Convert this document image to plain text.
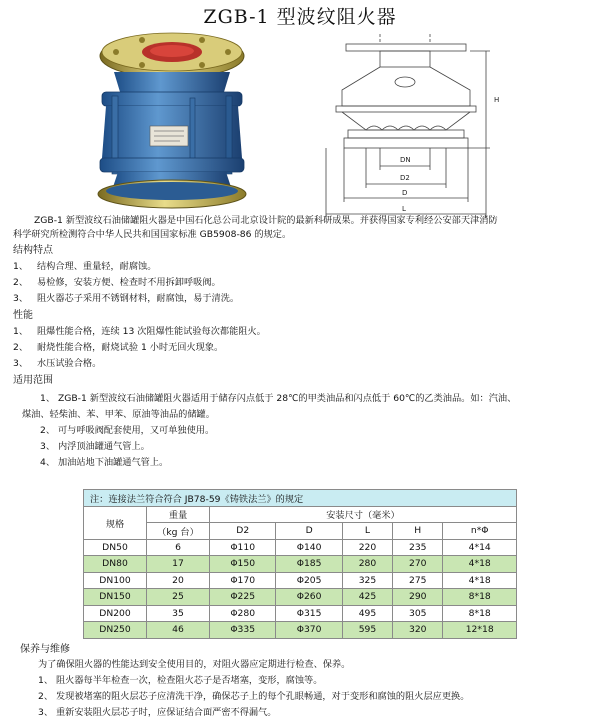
ZGB-1 型波纹阻火器
DN
D2
D
L
H
ZGB-1 新型波纹石油储罐阻火器是中国石化总公司北京设计院的最新科研成果。并获得国家专利经公安部天津消防
科学研究所检测符合中华人民共和国国家标准 GB5908-86 的规定。
结构特点
1、 结构合理、重量轻，耐腐蚀。
2、 易检修，安装方便、检查时不用拆卸呼吸阀。
3、 阻火器芯子采用不锈钢材料，耐腐蚀，易于清洗。
性能
1、 阻爆性能合格，连续 13 次阻爆性能试验每次都能阻火。
2、 耐烧性能合格，耐烧试验 1 小时无回火现象。
3、 水压试验合格。
适用范围
1、 ZGB-1 新型波纹石油储罐阻火器适用于储存闪点低于 28℃的甲类油品和闪点低于 60℃的乙类油品。如：汽油、
煤油、轻柴油、苯、甲苯、原油等油品的储罐。
2、 可与呼吸阀配套使用，又可单独使用。
3、 内浮顶油罐通气管上。
4、 加油站地下油罐通气管上。
注：连接法兰符合符合 JB78-59《铸铁法兰》的规定						
规格	重量	安装尺寸（毫米）				
	（kg 台）	D2	D	L	H	n*Φ
DN50	6	Φ110	Φ140	220	235	4*14
DN80	17	Φ150	Φ185	280	270	4*18
DN100	20	Φ170	Φ205	325	275	4*18
DN150	25	Φ225	Φ260	425	290	8*18
DN200	35	Φ280	Φ315	495	305	8*18
DN250	46	Φ335	Φ370	595	320	12*18
保养与维修
为了确保阻火器的性能达到安全使用目的，对阻火器应定期进行检查、保养。
1、 阻火器每半年检查一次，检查阻火芯子是否堵塞，变形，腐蚀等。
2、 发现被堵塞的阻火层芯子应清洗干净，确保芯子上的每个孔眼畅通，对于变形和腐蚀的阻火层应更换。
3、 重新安装阻火层芯子时，应保证结合面严密不得漏气。
